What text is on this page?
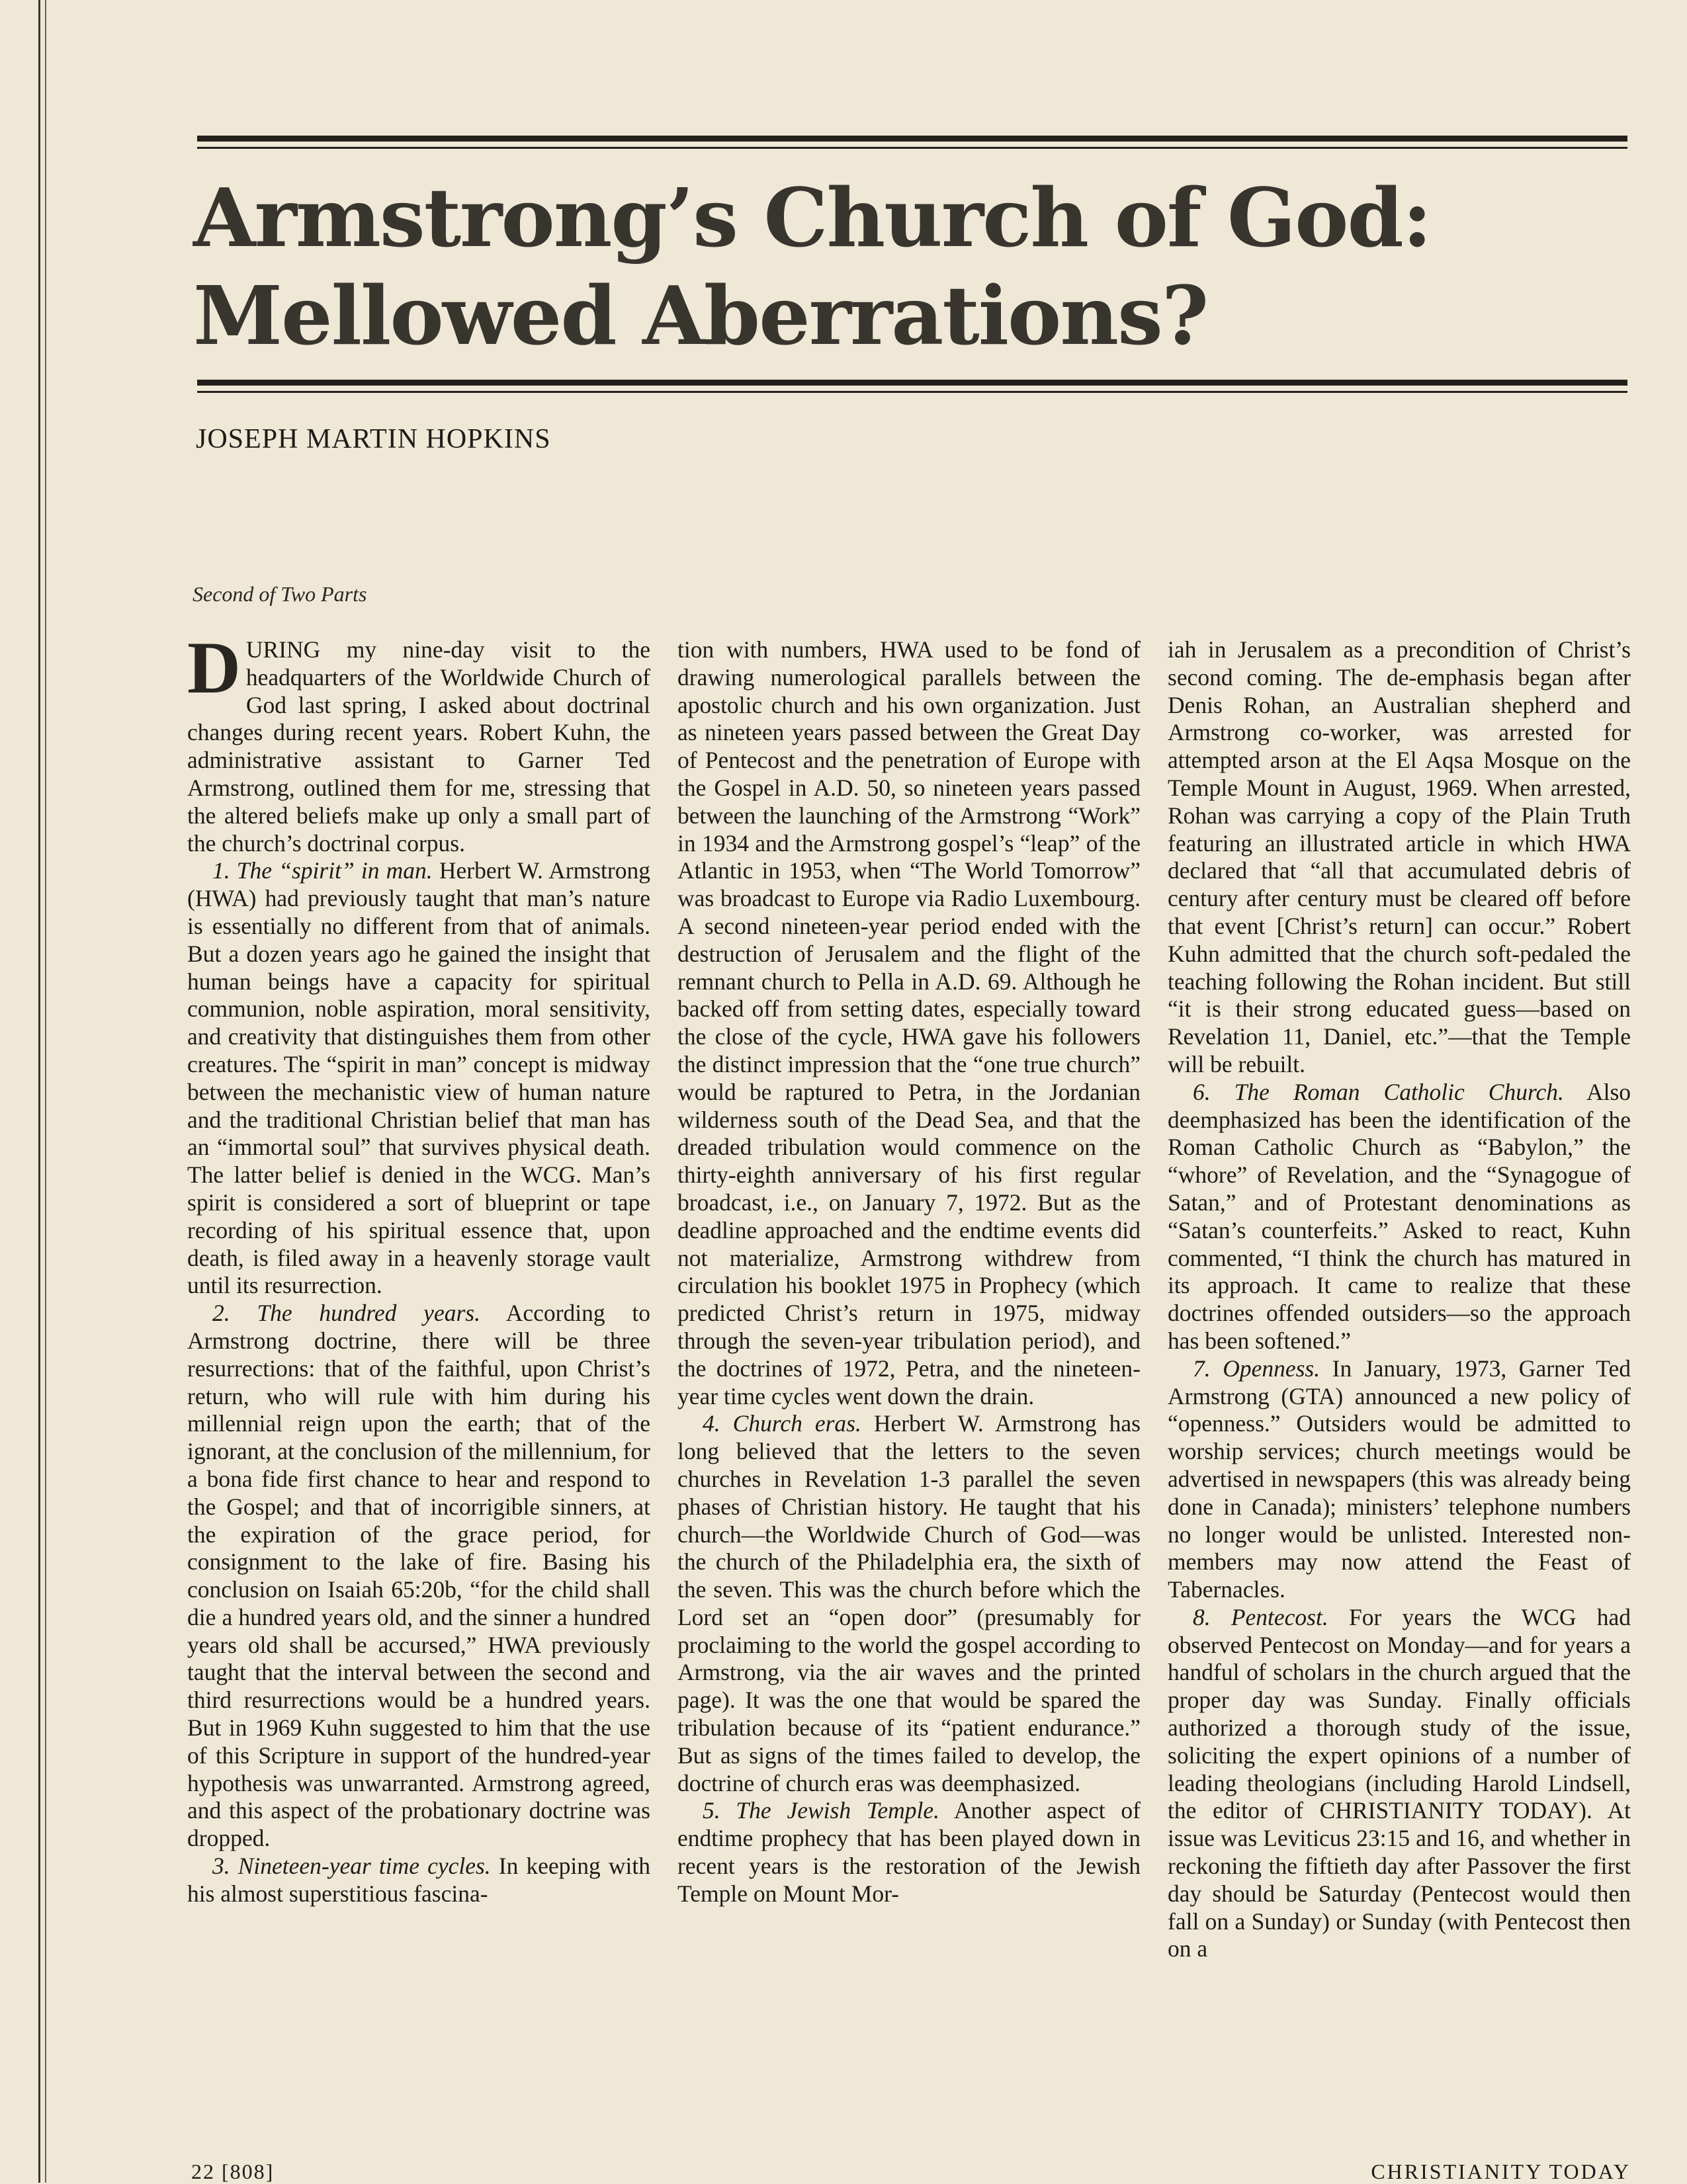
Armstrong’s Church of God:
Mellowed Aberrations?
JOSEPH MARTIN HOPKINS
Second of Two Parts

DURING my nine-day visit to the headquarters of the Worldwide Church of God last spring, I asked about doctrinal changes during recent years. Robert Kuhn, the administrative assistant to Garner Ted Armstrong, outlined them for me, stressing that the altered beliefs make up only a small part of the church’s doctrinal corpus.

1. The “spirit” in man. Herbert W. Armstrong (HWA) had previously taught that man’s nature is essentially no different from that of animals. But a dozen years ago he gained the insight that human beings have a capacity for spiritual communion, noble aspiration, moral sensitivity, and creativity that distinguishes them from other creatures. The “spirit in man” concept is midway between the mechanistic view of human nature and the traditional Christian belief that man has an “immortal soul” that survives physical death. The latter belief is denied in the WCG. Man’s spirit is considered a sort of blueprint or tape recording of his spiritual essence that, upon death, is filed away in a heavenly storage vault until its resurrection.

2. The hundred years. According to Armstrong doctrine, there will be three resurrections: that of the faithful, upon Christ’s return, who will rule with him during his millennial reign upon the earth; that of the ignorant, at the conclusion of the millennium, for a bona fide first chance to hear and respond to the Gospel; and that of incorrigible sinners, at the expiration of the grace period, for consignment to the lake of fire. Basing his conclusion on Isaiah 65:20b, “for the child shall die a hundred years old, and the sinner a hundred years old shall be accursed,” HWA previously taught that the interval between the second and third resurrections would be a hundred years. But in 1969 Kuhn suggested to him that the use of this Scripture in support of the hundred-year hypothesis was unwarranted. Armstrong agreed, and this aspect of the probationary doctrine was dropped.

3. Nineteen-year time cycles. In keeping with his almost superstitious fascina-

tion with numbers, HWA used to be fond of drawing numerological parallels between the apostolic church and his own organization. Just as nineteen years passed between the Great Day of Pentecost and the penetration of Europe with the Gospel in A.D. 50, so nineteen years passed between the launching of the Armstrong “Work” in 1934 and the Armstrong gospel’s “leap” of the Atlantic in 1953, when “The World Tomorrow” was broadcast to Europe via Radio Luxembourg. A second nineteen-year period ended with the destruction of Jerusalem and the flight of the remnant church to Pella in A.D. 69. Although he backed off from setting dates, especially toward the close of the cycle, HWA gave his followers the distinct impression that the “one true church” would be raptured to Petra, in the Jordanian wilderness south of the Dead Sea, and that the dreaded tribulation would commence on the thirty-eighth anniversary of his first regular broadcast, i.e., on January 7, 1972. But as the deadline approached and the endtime events did not materialize, Armstrong withdrew from circulation his booklet 1975 in Prophecy (which predicted Christ’s return in 1975, midway through the seven-year tribulation period), and the doctrines of 1972, Petra, and the nineteen-year time cycles went down the drain.

4. Church eras. Herbert W. Armstrong has long believed that the letters to the seven churches in Revelation 1-3 parallel the seven phases of Christian history. He taught that his church—the Worldwide Church of God—was the church of the Philadelphia era, the sixth of the seven. This was the church before which the Lord set an “open door” (presumably for proclaiming to the world the gospel according to Armstrong, via the air waves and the printed page). It was the one that would be spared the tribulation because of its “patient endurance.” But as signs of the times failed to develop, the doctrine of church eras was deemphasized.

5. The Jewish Temple. Another aspect of endtime prophecy that has been played down in recent years is the restoration of the Jewish Temple on Mount Mor-

iah in Jerusalem as a precondition of Christ’s second coming. The de-emphasis began after Denis Rohan, an Australian shepherd and Armstrong co-worker, was arrested for attempted arson at the El Aqsa Mosque on the Temple Mount in August, 1969. When arrested, Rohan was carrying a copy of the Plain Truth featuring an illustrated article in which HWA declared that “all that accumulated debris of century after century must be cleared off before that event [Christ’s return] can occur.” Robert Kuhn admitted that the church soft-pedaled the teaching following the Rohan incident. But still “it is their strong educated guess—based on Revelation 11, Daniel, etc.”—that the Temple will be rebuilt.

6. The Roman Catholic Church. Also deemphasized has been the identification of the Roman Catholic Church as “Babylon,” the “whore” of Revelation, and the “Synagogue of Satan,” and of Protestant denominations as “Satan’s counterfeits.” Asked to react, Kuhn commented, “I think the church has matured in its approach. It came to realize that these doctrines offended outsiders—so the approach has been softened.”

7. Openness. In January, 1973, Garner Ted Armstrong (GTA) announced a new policy of “openness.” Outsiders would be admitted to worship services; church meetings would be advertised in newspapers (this was already being done in Canada); ministers’ telephone numbers no longer would be unlisted. Interested non-members may now attend the Feast of Tabernacles.

8. Pentecost. For years the WCG had observed Pentecost on Monday—and for years a handful of scholars in the church argued that the proper day was Sunday. Finally officials authorized a thorough study of the issue, soliciting the expert opinions of a number of leading theologians (including Harold Lindsell, the editor of CHRISTIANITY TODAY). At issue was Leviticus 23:15 and 16, and whether in reckoning the fiftieth day after Passover the first day should be Saturday (Pentecost would then fall on a Sunday) or Sunday (with Pentecost then on a

22 [808]	CHRISTIANITY TODAY
